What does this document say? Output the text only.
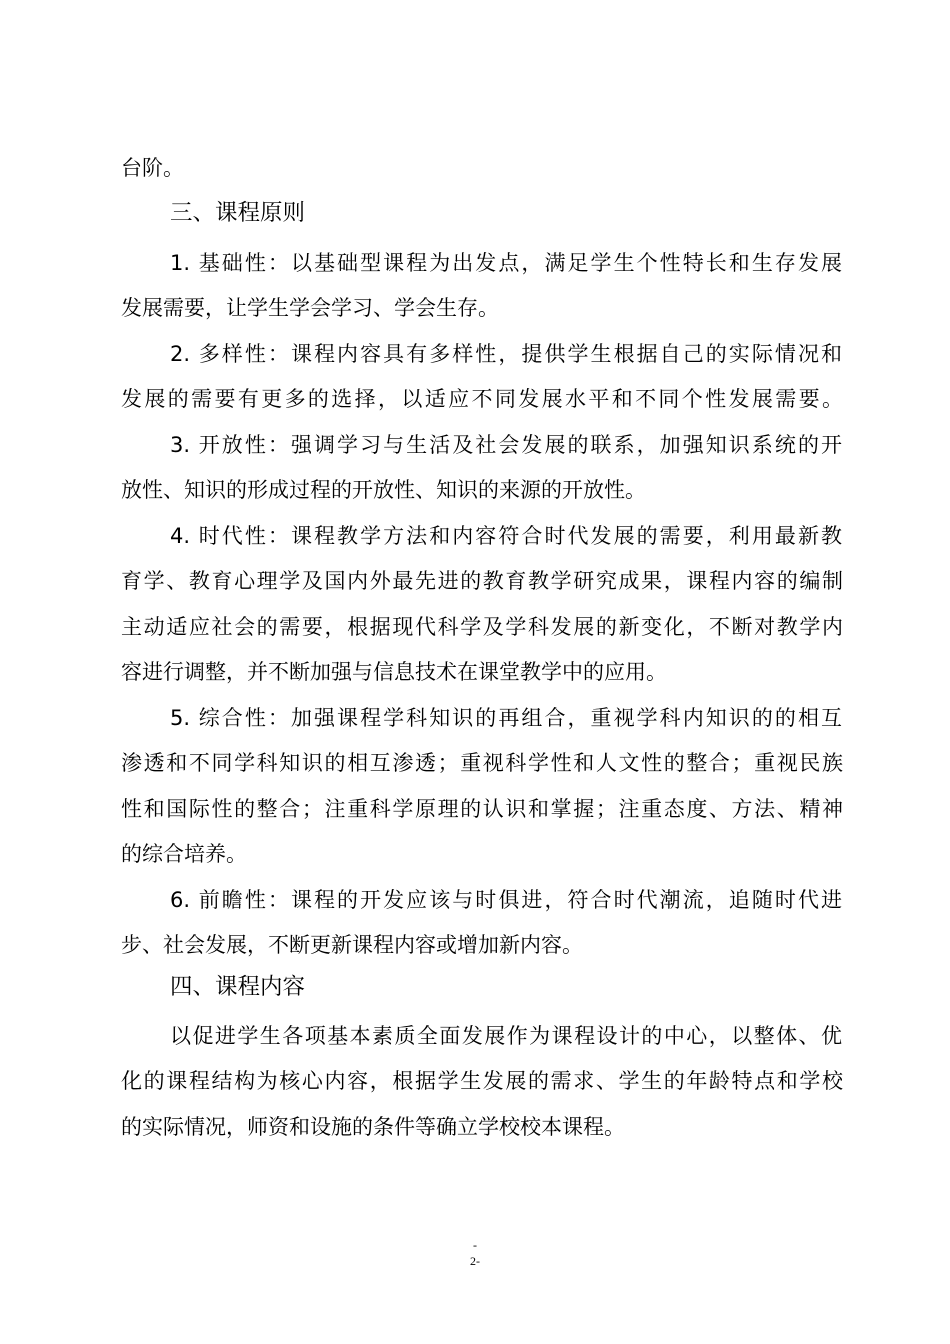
台阶。
三、课程原则
1. 基础性：以基础型课程为出发点，满足学生个性特长和生存发展
发展需要，让学生学会学习、学会生存。
2. 多样性：课程内容具有多样性，提供学生根据自己的实际情况和
发展的需要有更多的选择，以适应不同发展水平和不同个性发展需要。
3. 开放性：强调学习与生活及社会发展的联系，加强知识系统的开
放性、知识的形成过程的开放性、知识的来源的开放性。
4. 时代性：课程教学方法和内容符合时代发展的需要，利用最新教
育学、教育心理学及国内外最先进的教育教学研究成果，课程内容的编制
主动适应社会的需要，根据现代科学及学科发展的新变化，不断对教学内
容进行调整，并不断加强与信息技术在课堂教学中的应用。
5. 综合性：加强课程学科知识的再组合，重视学科内知识的的相互
渗透和不同学科知识的相互渗透；重视科学性和人文性的整合；重视民族
性和国际性的整合；注重科学原理的认识和掌握；注重态度、方法、精神
的综合培养。
6. 前瞻性：课程的开发应该与时俱进，符合时代潮流，追随时代进
步、社会发展，不断更新课程内容或增加新内容。
四、课程内容
以促进学生各项基本素质全面发展作为课程设计的中心，以整体、优
化的课程结构为核心内容，根据学生发展的需求、学生的年龄特点和学校
的实际情况，师资和设施的条件等确立学校校本课程。
-
2-
